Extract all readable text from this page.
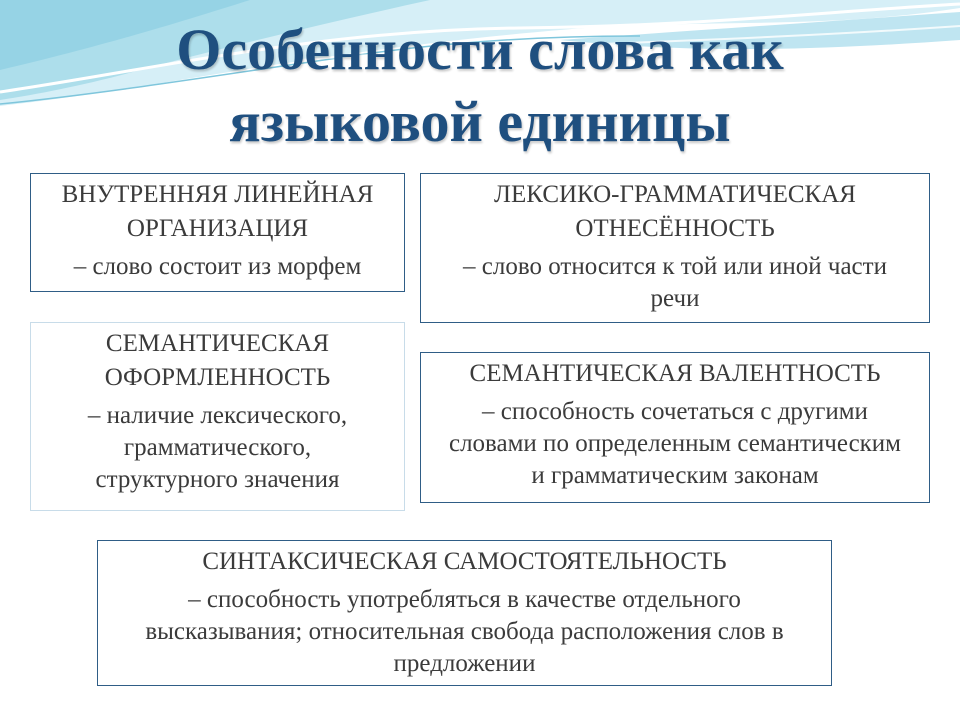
Особенности слова как
языковой единицы
ВНУТРЕННЯЯ ЛИНЕЙНАЯ
ОРГАНИЗАЦИЯ
– слово состоит из морфем
ЛЕКСИКО-ГРАММАТИЧЕСКАЯ
ОТНЕСЁННОСТЬ
– слово относится к той или иной части
речи
СЕМАНТИЧЕСКАЯ
ОФОРМЛЕННОСТЬ
– наличие лексического,
грамматического,
структурного значения
СЕМАНТИЧЕСКАЯ ВАЛЕНТНОСТЬ
– способность сочетаться с другими
словами по определенным семантическим
и грамматическим законам
СИНТАКСИЧЕСКАЯ САМОСТОЯТЕЛЬНОСТЬ
– способность употребляться в качестве отдельного
высказывания; относительная свобода расположения слов в
предложении
